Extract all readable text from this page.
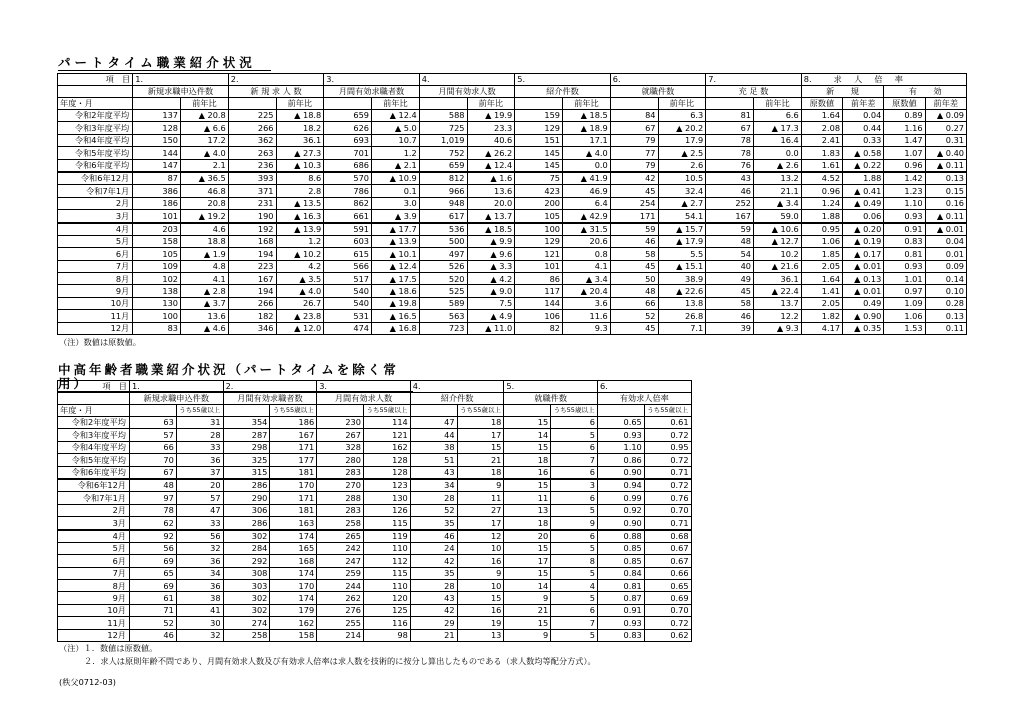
パートタイム職業紹介状況
項　目	1.		2.		3.		4.		5.		6.		7.		8. 求　人　倍　率			
	新規求職申込件数		新 規 求 人 数		月間有効求職者数		月間有効求人数		紹介件数		就職件数		充 足 数		新　　規		有　　効	
年度・月		前年比		前年比		前年比		前年比		前年比		前年比		前年比	原数値	前年差	原数値	前年差
令和2年度平均	137	▲ 20.8	225	▲ 18.8	659	▲ 12.4	588	▲ 19.9	159	▲ 18.5	84	6.3	81	6.6	1.64	0.04	0.89	▲ 0.09
令和3年度平均	128	▲ 6.6	266	18.2	626	▲ 5.0	725	23.3	129	▲ 18.9	67	▲ 20.2	67	▲ 17.3	2.08	0.44	1.16	0.27
令和4年度平均	150	17.2	362	36.1	693	10.7	1,019	40.6	151	17.1	79	17.9	78	16.4	2.41	0.33	1.47	0.31
令和5年度平均	144	▲ 4.0	263	▲ 27.3	701	1.2	752	▲ 26.2	145	▲ 4.0	77	▲ 2.5	78	0.0	1.83	▲ 0.58	1.07	▲ 0.40
令和6年度平均	147	2.1	236	▲ 10.3	686	▲ 2.1	659	▲ 12.4	145	0.0	79	2.6	76	▲ 2.6	1.61	▲ 0.22	0.96	▲ 0.11
令和6年12月	87	▲ 36.5	393	8.6	570	▲ 10.9	812	▲ 1.6	75	▲ 41.9	42	10.5	43	13.2	4.52	1.88	1.42	0.13
令和7年1月	386	46.8	371	2.8	786	0.1	966	13.6	423	46.9	45	32.4	46	21.1	0.96	▲ 0.41	1.23	0.15
2月	186	20.8	231	▲ 13.5	862	3.0	948	20.0	200	6.4	254	▲ 2.7	252	▲ 3.4	1.24	▲ 0.49	1.10	0.16
3月	101	▲ 19.2	190	▲ 16.3	661	▲ 3.9	617	▲ 13.7	105	▲ 42.9	171	54.1	167	59.0	1.88	0.06	0.93	▲ 0.11
4月	203	4.6	192	▲ 13.9	591	▲ 17.7	536	▲ 18.5	100	▲ 31.5	59	▲ 15.7	59	▲ 10.6	0.95	▲ 0.20	0.91	▲ 0.01
5月	158	18.8	168	1.2	603	▲ 13.9	500	▲ 9.9	129	20.6	46	▲ 17.9	48	▲ 12.7	1.06	▲ 0.19	0.83	0.04
6月	105	▲ 1.9	194	▲ 10.2	615	▲ 10.1	497	▲ 9.6	121	0.8	58	5.5	54	10.2	1.85	▲ 0.17	0.81	0.01
7月	109	4.8	223	4.2	566	▲ 12.4	526	▲ 3.3	101	4.1	45	▲ 15.1	40	▲ 21.6	2.05	▲ 0.01	0.93	0.09
8月	102	4.1	167	▲ 3.5	517	▲ 17.5	520	▲ 4.2	86	▲ 3.4	50	38.9	49	36.1	1.64	▲ 0.13	1.01	0.14
9月	138	▲ 2.8	194	▲ 4.0	540	▲ 18.6	525	▲ 9.0	117	▲ 20.4	48	▲ 22.6	45	▲ 22.4	1.41	▲ 0.01	0.97	0.10
10月	130	▲ 3.7	266	26.7	540	▲ 19.8	589	7.5	144	3.6	66	13.8	58	13.7	2.05	0.49	1.09	0.28
11月	100	13.6	182	▲ 23.8	531	▲ 16.5	563	▲ 4.9	106	11.6	52	26.8	46	12.2	1.82	▲ 0.90	1.06	0.13
12月	83	▲ 4.6	346	▲ 12.0	474	▲ 16.8	723	▲ 11.0	82	9.3	45	7.1	39	▲ 9.3	4.17	▲ 0.35	1.53	0.11
（注）数値は原数値。
中高年齢者職業紹介状況（パートタイムを除く常用）	項　目	1.		2.		3.		4.		5.		6.	
	新規求職申込件数		月間有効求職者数		月間有効求人数		紹介件数		就職件数		有効求人倍率	
年度・月		うち55歳以上		うち55歳以上		うち55歳以上		うち55歳以上		うち55歳以上		うち55歳以上
令和2年度平均	63	31	354	186	230	114	47	18	15	6	0.65	0.61
令和3年度平均	57	28	287	167	267	121	44	17	14	5	0.93	0.72
令和4年度平均	66	33	298	171	328	162	38	15	15	6	1.10	0.95
令和5年度平均	70	36	325	177	280	128	51	21	18	7	0.86	0.72
令和6年度平均	67	37	315	181	283	128	43	18	16	6	0.90	0.71
令和6年12月	48	20	286	170	270	123	34	9	15	3	0.94	0.72
令和7年1月	97	57	290	171	288	130	28	11	11	6	0.99	0.76
2月	78	47	306	181	283	126	52	27	13	5	0.92	0.70
3月	62	33	286	163	258	115	35	17	18	9	0.90	0.71
4月	92	56	302	174	265	119	46	12	20	6	0.88	0.68
5月	56	32	284	165	242	110	24	10	15	5	0.85	0.67
6月	69	36	292	168	247	112	42	16	17	8	0.85	0.67
7月	65	34	308	174	259	115	35	9	15	5	0.84	0.66
8月	69	36	303	170	244	110	28	10	14	4	0.81	0.65
9月	61	38	302	174	262	120	43	15	9	5	0.87	0.69
10月	71	41	302	179	276	125	42	16	21	6	0.91	0.70
11月	52	30	274	162	255	116	29	19	15	7	0.93	0.72
12月	46	32	258	158	214	98	21	13	9	5	0.83	0.62
（注）１．数値は原数値。
２．求人は原則年齢不問であり、月間有効求人数及び有効求人倍率は求人数を技術的に按分し算出したものである（求人数均等配分方式）。
(秩父0712-03)
